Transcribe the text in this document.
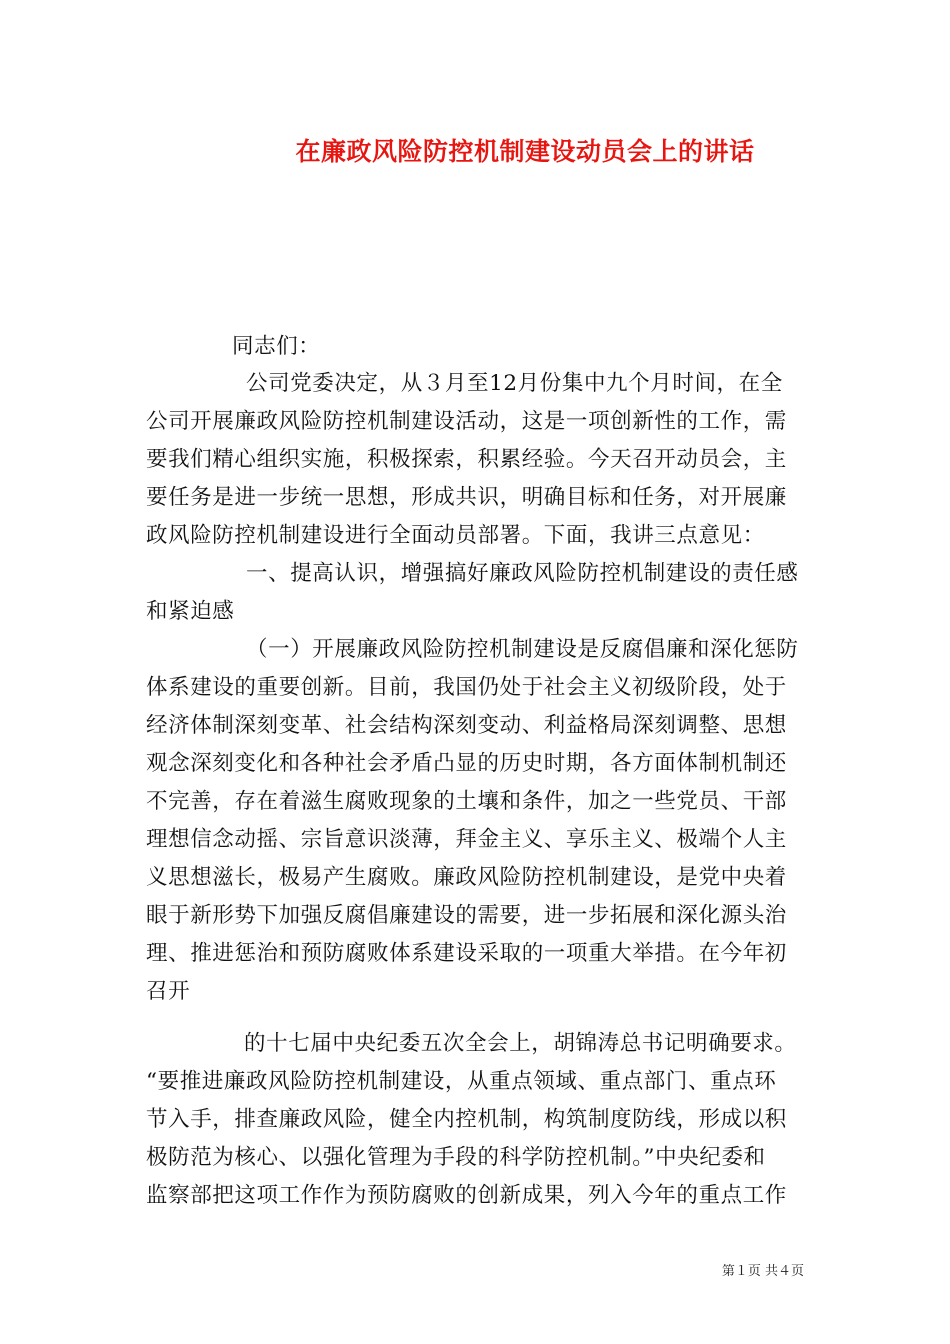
在廉政风险防控机制建设动员会上的讲话
同志们：
公司党委决定，从３月至12月份集中九个月时间，在全
公司开展廉政风险防控机制建设活动，这是一项创新性的工作，需
要我们精心组织实施，积极探索，积累经验。今天召开动员会，主
要任务是进一步统一思想，形成共识，明确目标和任务，对开展廉
政风险防控机制建设进行全面动员部署。下面，我讲三点意见：
一、提高认识，增强搞好廉政风险防控机制建设的责任感
和紧迫感
（一）开展廉政风险防控机制建设是反腐倡廉和深化惩防
体系建设的重要创新。目前，我国仍处于社会主义初级阶段，处于
经济体制深刻变革、社会结构深刻变动、利益格局深刻调整、思想
观念深刻变化和各种社会矛盾凸显的历史时期，各方面体制机制还
不完善，存在着滋生腐败现象的土壤和条件，加之一些党员、干部
理想信念动摇、宗旨意识淡薄，拜金主义、享乐主义、极端个人主
义思想滋长，极易产生腐败。廉政风险防控机制建设，是党中央着
眼于新形势下加强反腐倡廉建设的需要，进一步拓展和深化源头治
理、推进惩治和预防腐败体系建设采取的一项重大举措。在今年初
召开
的十七届中央纪委五次全会上，胡锦涛总书记明确要求。
“要推进廉政风险防控机制建设，从重点领域、重点部门、重点环
节入手，排查廉政风险，健全内控机制，构筑制度防线，形成以积
极防范为核心、以强化管理为手段的科学防控机制。”中央纪委和
监察部把这项工作作为预防腐败的创新成果，列入今年的重点工作
第１页 共４页
